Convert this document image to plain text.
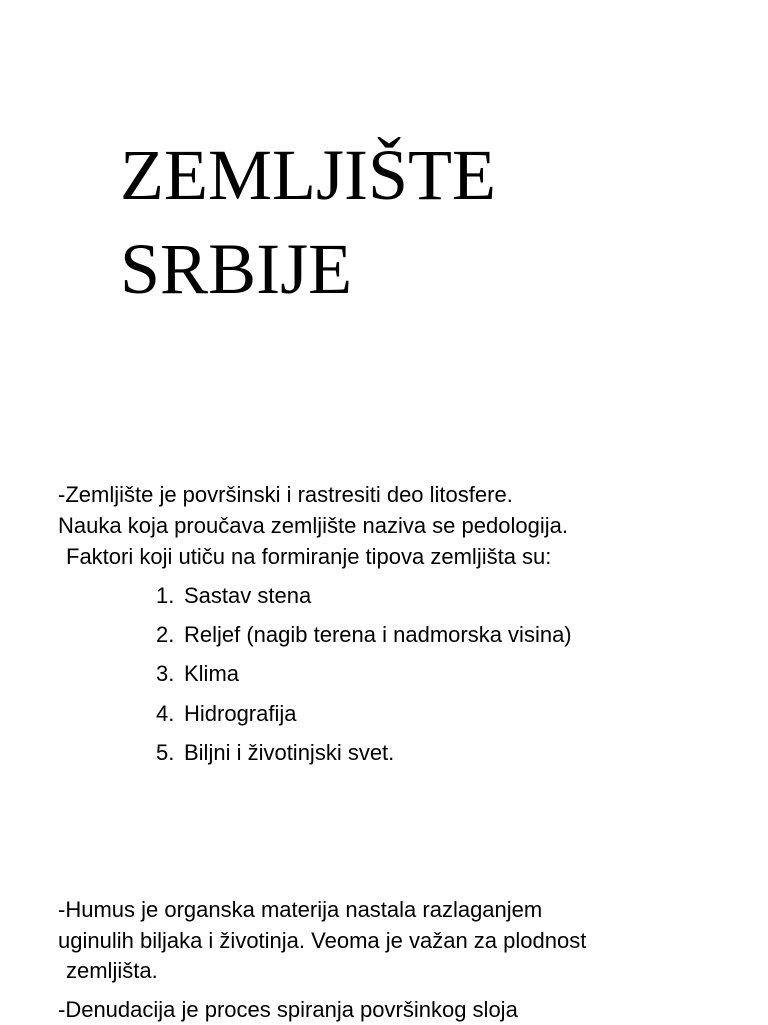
ZEMLJIŠTE
SRBIJE
-Zemljište je površinski i rastresiti deo litosfere.
Nauka koja proučava zemljište naziva se pedologija.
Faktori koji utiču na formiranje tipova zemljišta su:
1. Sastav stena
2. Reljef (nagib terena i nadmorska visina)
3. Klima
4. Hidrografija
5. Biljni i životinjski svet.
-Humus je organska materija nastala razlaganjem
uginulih biljaka i životinja. Veoma je važan za plodnost
zemljišta.
-Denudacija je proces spiranja površinkog sloja
